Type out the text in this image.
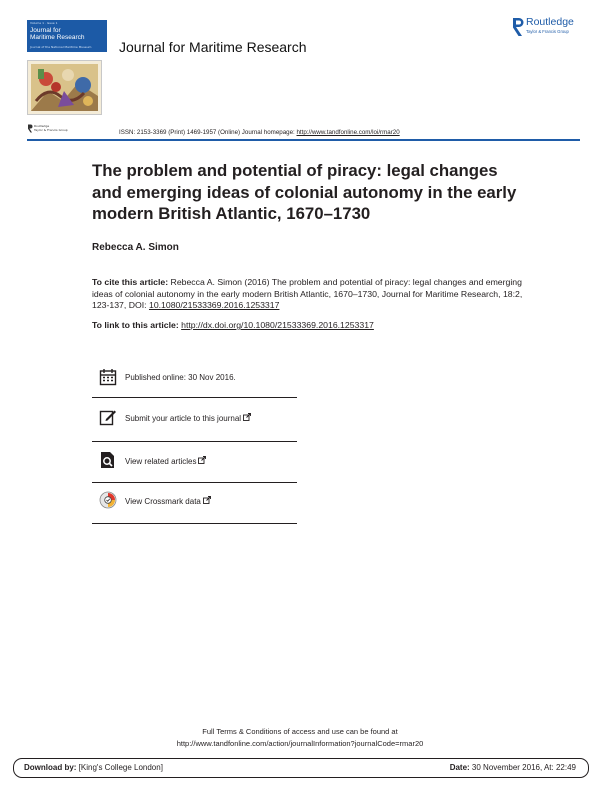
Volume 1 · Issue 1
Journal for
Maritime Research
Journal of the National Maritime Museum Journal for Maritime Research
Routledge
Taylor & Francis Group
Routledge
Taylor & Francis Group	ISSN: 2153-3369 (Print) 1469-1957 (Online) Journal homepage: http://www.tandfonline.com/loi/rmar20
The problem and potential of piracy: legal changes and emerging ideas of colonial autonomy in the early modern British Atlantic, 1670–1730
Rebecca A. Simon
To cite this article: Rebecca A. Simon (2016) The problem and potential of piracy: legal changes and emerging ideas of colonial autonomy in the early modern British Atlantic, 1670–1730, Journal for Maritime Research, 18:2, 123-137, DOI: 10.1080/21533369.2016.1253317
To link to this article: http://dx.doi.org/10.1080/21533369.2016.1253317
Published online: 30 Nov 2016.
Submit your article to this journal
View related articles
View Crossmark data
Full Terms & Conditions of access and use can be found at
http://www.tandfonline.com/action/journalInformation?journalCode=rmar20
Download by: [King's College London]	Date: 30 November 2016, At: 22:49
